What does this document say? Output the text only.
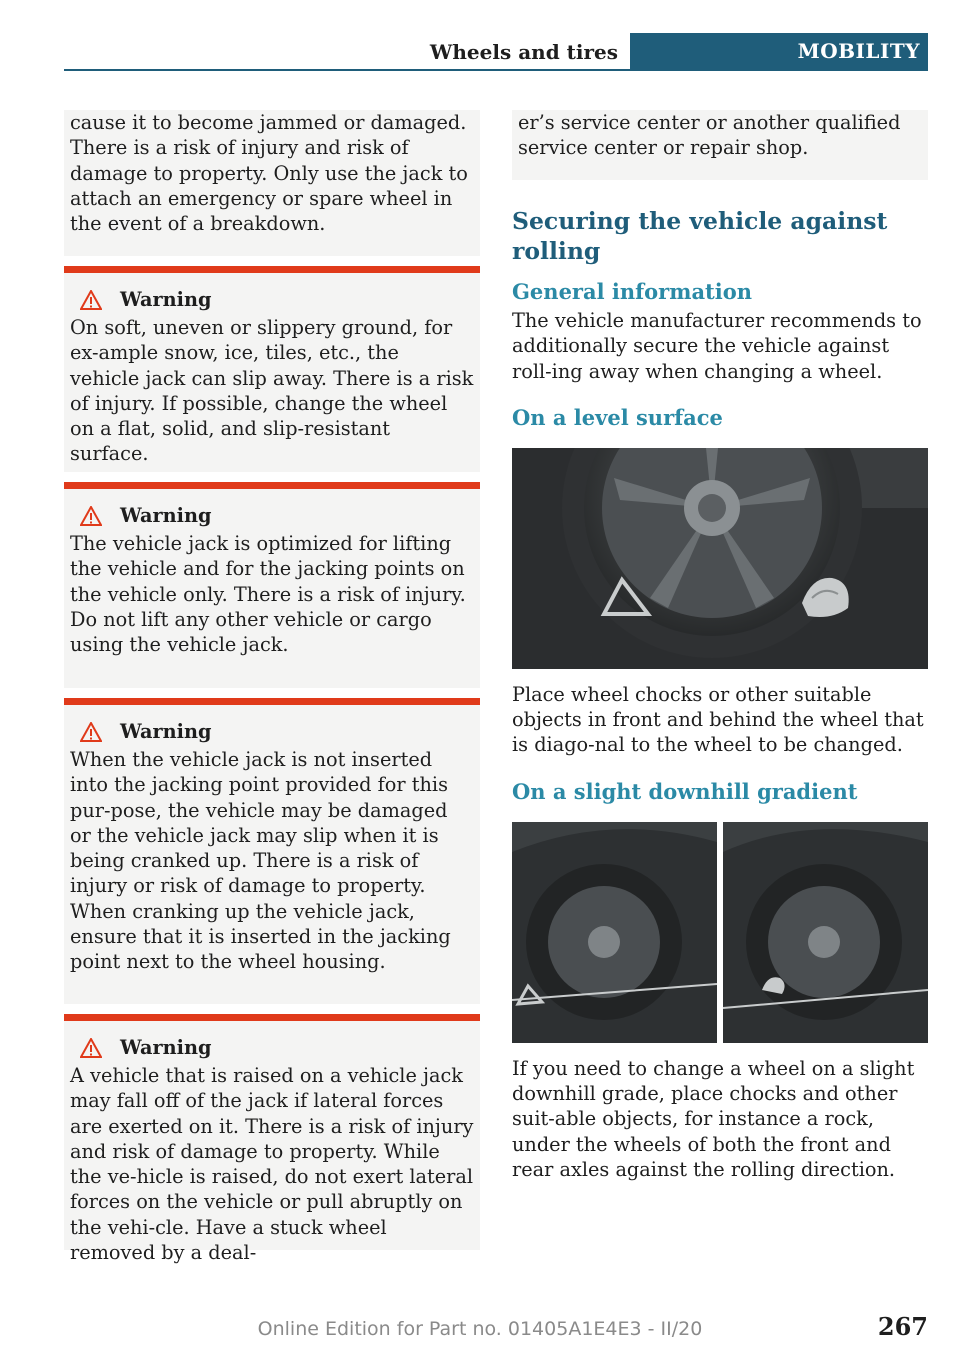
Wheels and tires	MOBILITY

cause it to become jammed or damaged. There is a risk of injury and risk of damage to property. Only use the jack to attach an emergency or spare wheel in the event of a breakdown.

Warning

On soft, uneven or slippery ground, for ex-ample snow, ice, tiles, etc., the vehicle jack can slip away. There is a risk of injury. If possible, change the wheel on a flat, solid, and slip-resistant surface.

Warning

The vehicle jack is optimized for lifting the vehicle and for the jacking points on the vehicle only. There is a risk of injury. Do not lift any other vehicle or cargo using the vehicle jack.

Warning

When the vehicle jack is not inserted into the jacking point provided for this pur-pose, the vehicle may be damaged or the vehicle jack may slip when it is being cranked up. There is a risk of injury or risk of damage to property. When cranking up the vehicle jack, ensure that it is inserted in the jacking point next to the wheel housing.

Warning

A vehicle that is raised on a vehicle jack may fall off of the jack if lateral forces are exerted on it. There is a risk of injury and risk of damage to property. While the ve-hicle is raised, do not exert lateral forces on the vehicle or pull abruptly on the vehi-cle. Have a stuck wheel removed by a deal-

er’s service center or another qualified service center or repair shop.

Securing the vehicle against rolling
General information

The vehicle manufacturer recommends to additionally secure the vehicle against roll-ing away when changing a wheel.

On a level surface

Place wheel chocks or other suitable objects in front and behind the wheel that is diago-nal to the wheel to be changed.

On a slight downhill gradient

If you need to change a wheel on a slight downhill grade, place chocks and other suit-able objects, for instance a rock, under the wheels of both the front and rear axles against the rolling direction.

Online Edition for Part no. 01405A1E4E3 - II/20	267
